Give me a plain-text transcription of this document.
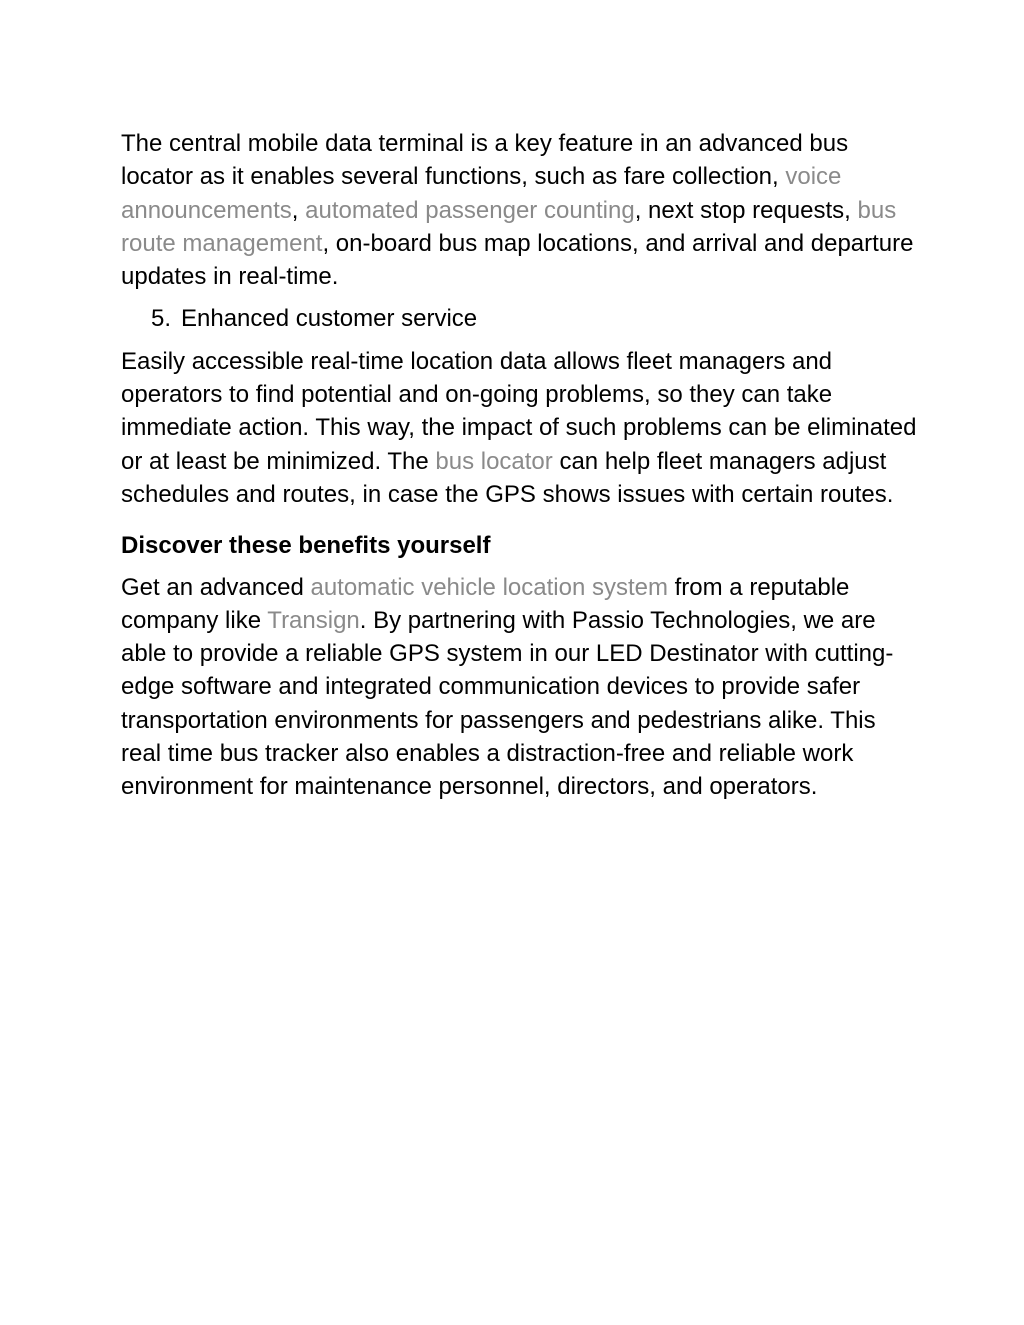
The central mobile data terminal is a key feature in an advanced bus locator as it enables several functions, such as fare collection, voice announcements, automated passenger counting, next stop requests, bus route management, on-board bus map locations, and arrival and departure updates in real-time.

5. Enhanced customer service

Easily accessible real-time location data allows fleet managers and operators to find potential and on-going problems, so they can take immediate action. This way, the impact of such problems can be eliminated or at least be minimized. The bus locator can help fleet managers adjust schedules and routes, in case the GPS shows issues with certain routes.

Discover these benefits yourself

Get an advanced automatic vehicle location system from a reputable company like Transign. By partnering with Passio Technologies, we are able to provide a reliable GPS system in our LED Destinator with cutting-edge software and integrated communication devices to provide safer transportation environments for passengers and pedestrians alike. This real time bus tracker also enables a distraction-free and reliable work environment for maintenance personnel, directors, and operators.
